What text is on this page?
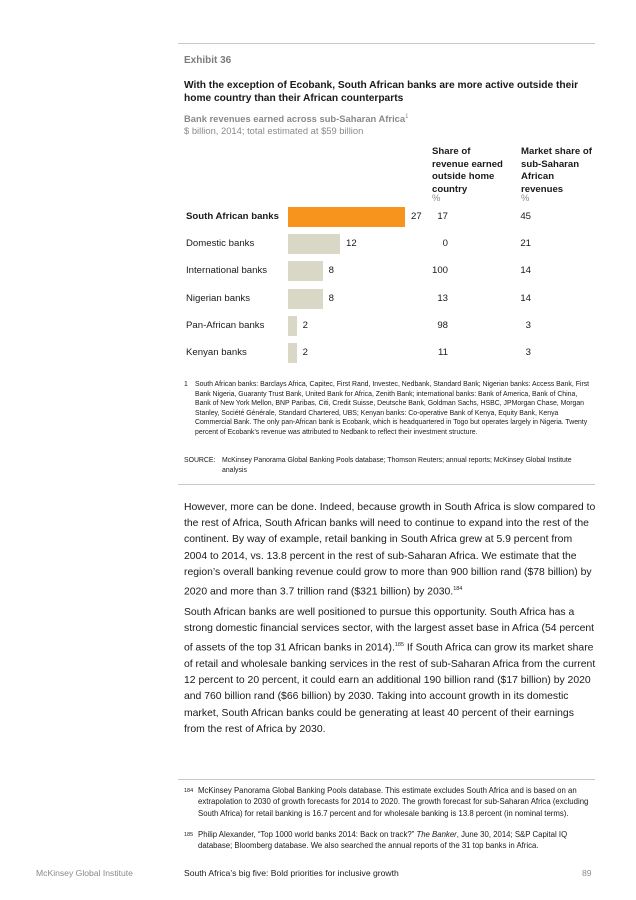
Exhibit 36
With the exception of Ecobank, South African banks are more active outside their home country than their African counterparts
Bank revenues earned across sub-Saharan Africa$^1$
$ billion, 2014; total estimated at $59 billion
Share of revenue earned outside home country
%
Market share of sub-Saharan African revenues
%
South African banks	27	17	45
Domestic banks	12	0	21
International banks	8	100	14
Nigerian banks	8	13	14
Pan-African banks	2	98	3
Kenyan banks	2	11	3
1	South African banks: Barclays Africa, Capitec, First Rand, Investec, Nedbank, Standard Bank; Nigerian banks: Access Bank, First Bank Nigeria, Guaranty Trust Bank, United Bank for Africa, Zenith Bank; international banks: Bank of America, Bank of China, Bank of New York Mellon, BNP Paribas, Citi, Credit Suisse, Deutsche Bank, Goldman Sachs, HSBC, JPMorgan Chase, Morgan Stanley, Société Générale, Standard Chartered, UBS; Kenyan banks: Co-operative Bank of Kenya, Equity Bank, Kenya Commercial Bank. The only pan-African bank is Ecobank, which is headquartered in Togo but operates largely in Nigeria. Twenty percent of Ecobank’s revenue was attributed to Nedbank to reflect their investment structure.
SOURCE: McKinsey Panorama Global Banking Pools database; Thomson Reuters; annual reports; McKinsey Global Institute analysis
However, more can be done. Indeed, because growth in South Africa is slow compared to the rest of Africa, South African banks will need to continue to expand into the rest of the continent. By way of example, retail banking in South Africa grew at 5.9 percent from 2004 to 2014, vs. 13.8 percent in the rest of sub-Saharan Africa. We estimate that the region’s overall banking revenue could grow to more than 900 billion rand ($78 billion) by 2020 and more than 3.7 trillion rand ($321 billion) by 2030.$^{184}$
South African banks are well positioned to pursue this opportunity. South Africa has a strong domestic financial services sector, with the largest asset base in Africa (54 percent of assets of the top 31 African banks in 2014).$^{185}$ If South Africa can grow its market share of retail and wholesale banking services in the rest of sub-Saharan Africa from the current 12 percent to 20 percent, it could earn an additional 190 billion rand ($17 billion) by 2020 and 760 billion rand ($66 billion) by 2030. Taking into account growth in its domestic market, South African banks could be generating at least 40 percent of their earnings from the rest of Africa by 2030.
184 McKinsey Panorama Global Banking Pools database. This estimate excludes South Africa and is based on an extrapolation to 2030 of growth forecasts for 2014 to 2020. The growth forecast for sub-Saharan Africa (excluding South Africa) for retail banking is 16.7 percent and for wholesale banking is 13.8 percent (in nominal terms).
185 Philip Alexander, “Top 1000 world banks 2014: Back on track?” The Banker, June 30, 2014; S&P Capital IQ database; Bloomberg database. We also searched the annual reports of the 31 top banks in Africa.
McKinsey Global Institute	South Africa’s big five: Bold priorities for inclusive growth	89
